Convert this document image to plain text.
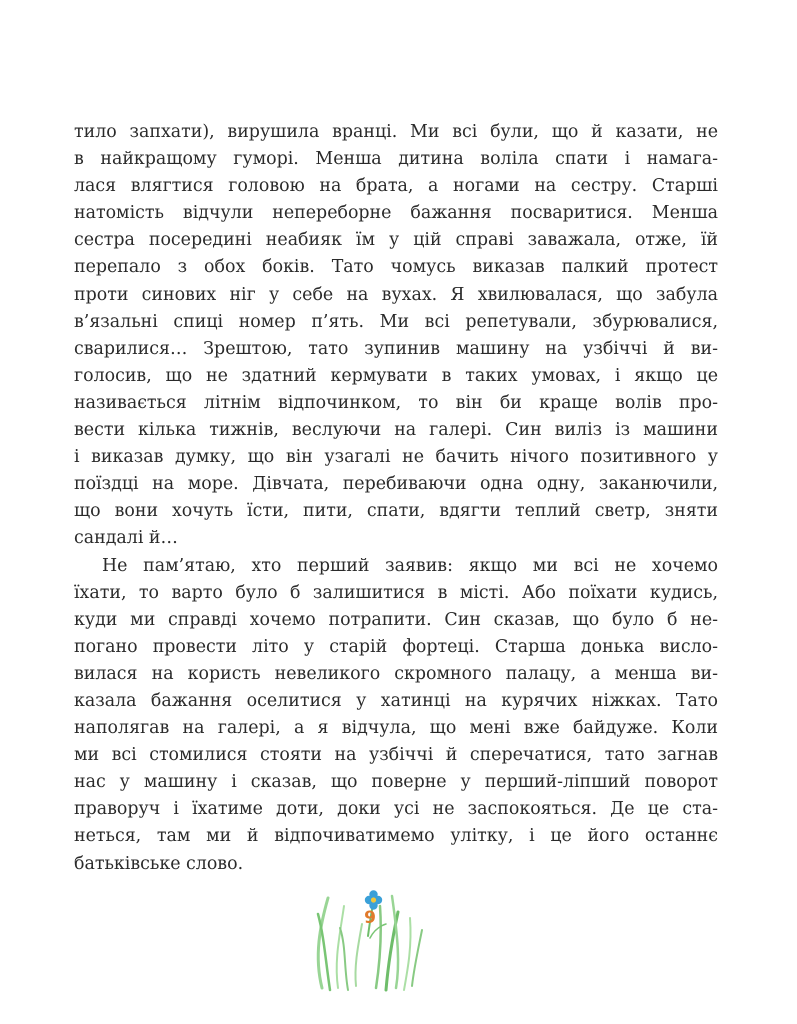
тило запхати), вирушила вранці. Ми всі були, що й казати, не
в найкращому гуморі. Менша дитина воліла спати і намага-
лася влягтися головою на брата, а ногами на сестру. Старші
натомість відчули непереборне бажання посваритися. Менша
сестра посередині неабияк їм у цій справі заважала, отже, їй
перепало з обох боків. Тато чомусь виказав палкий протест
проти синових ніг у себе на вухах. Я хвилювалася, що забула
в’язальні спиці номер п’ять. Ми всі репетували, збурювалися,
сварилися… Зрештою, тато зупинив машину на узбіччі й ви-
голосив, що не здатний кермувати в таких умовах, і якщо це
називається літнім відпочинком, то він би краще волів про-
вести кілька тижнів, веслуючи на галері. Син виліз із машини
і виказав думку, що він узагалі не бачить нічого позитивного у
поїздці на море. Дівчата, перебиваючи одна одну, заканючили,
що вони хочуть їсти, пити, спати, вдягти теплий светр, зняти
сандалі й…
Не пам’ятаю, хто перший заявив: якщо ми всі не хочемо
їхати, то варто було б залишитися в місті. Або поїхати кудись,
куди ми справді хочемо потрапити. Син сказав, що було б не-
погано провести літо у старій фортеці. Старша донька висло-
вилася на користь невеликого скромного палацу, а менша ви-
казала бажання оселитися у хатинці на курячих ніжках. Тато
наполягав на галері, а я відчула, що мені вже байдуже. Коли
ми всі стомилися стояти на узбіччі й сперечатися, тато загнав
нас у машину і сказав, що поверне у перший-ліпший поворот
праворуч і їхатиме доти, доки усі не заспокояться. Де це ста-
неться, там ми й відпочиватимемо улітку, і це його останнє
батьківське слово.
9
